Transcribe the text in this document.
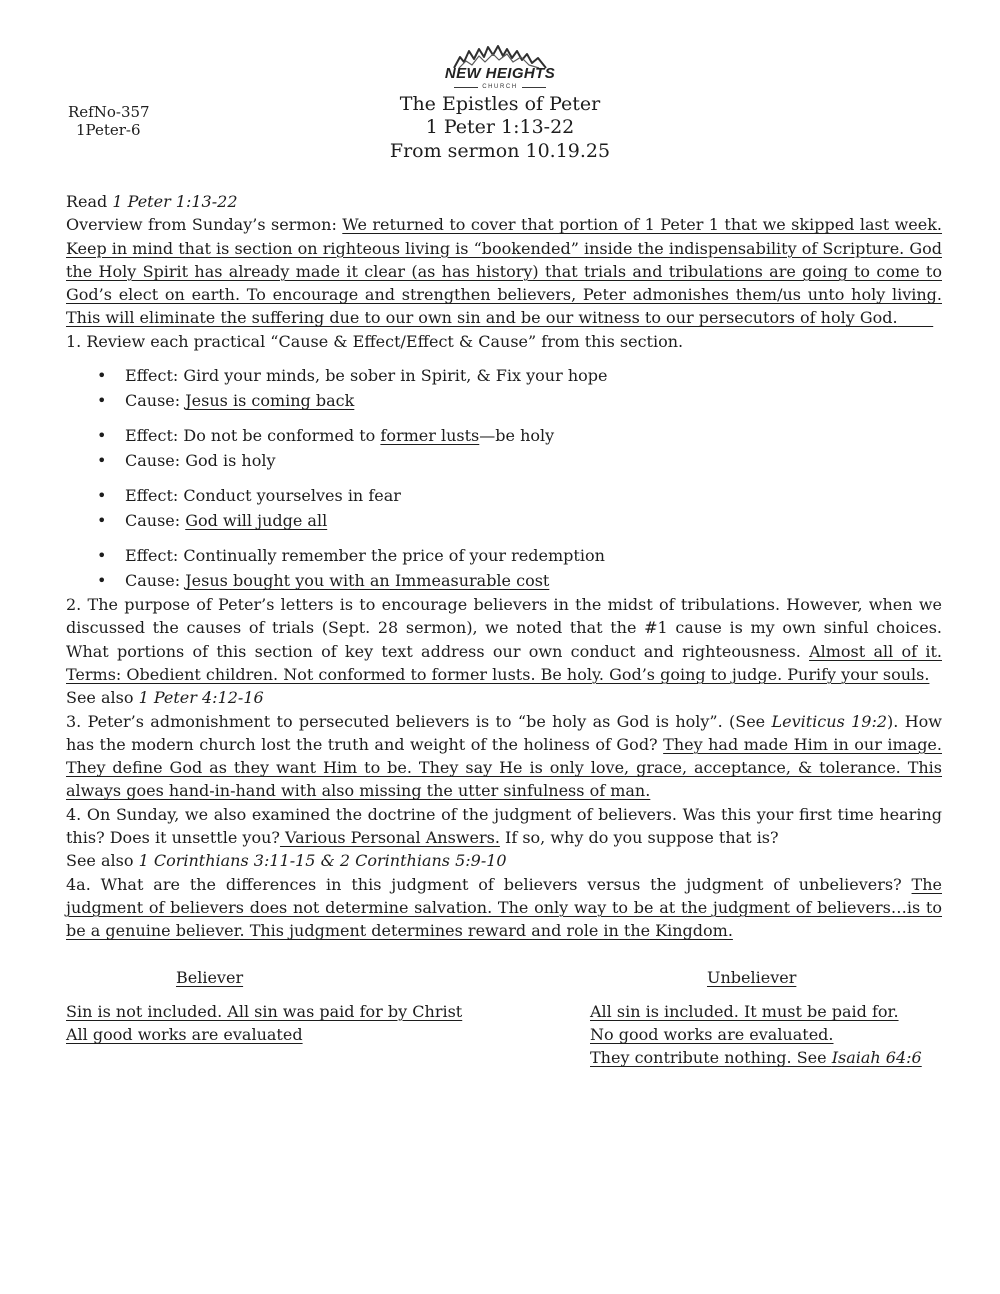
NEW HEIGHTS
CHURCH
RefNo-357
1Peter-6
The Epistles of Peter
1 Peter 1:13-22
From sermon 10.19.25

Read 1 Peter 1:13-22

Overview from Sunday’s sermon: We returned to cover that portion of 1 Peter 1 that we skipped last week. Keep in mind that is section on righteous living is “bookended” inside the indispensability of Scripture. God the Holy Spirit has already made it clear (as has history) that trials and tribulations are going to come to God’s elect on earth. To encourage and strengthen believers, Peter admonishes them/us unto holy living. This will eliminate the suffering due to our own sin and be our witness to our persecutors of holy God.

1. Review each practical “Cause & Effect/Effect & Cause” from this section.

• Effect: Gird your minds, be sober in Spirit, & Fix your hope
• Cause: Jesus is coming back
• Effect: Do not be conformed to former lusts—be holy
• Cause: God is holy
• Effect: Conduct yourselves in fear
• Cause: God will judge all
• Effect: Continually remember the price of your redemption
• Cause: Jesus bought you with an Immeasurable cost

2. The purpose of Peter’s letters is to encourage believers in the midst of tribulations. However, when we discussed the causes of trials (Sept. 28 sermon), we noted that the #1 cause is my own sinful choices. What portions of this section of key text address our own conduct and righteousness. Almost all of it. Terms: Obedient children. Not conformed to former lusts. Be holy. God’s going to judge. Purify your souls.

See also 1 Peter 4:12-16

3. Peter’s admonishment to persecuted believers is to “be holy as God is holy”. (See Leviticus 19:2). How has the modern church lost the truth and weight of the holiness of God? They had made Him in our image. They define God as they want Him to be. They say He is only love, grace, acceptance, & tolerance. This always goes hand-in-hand with also missing the utter sinfulness of man.

4. On Sunday, we also examined the doctrine of the judgment of believers. Was this your first time hearing this? Does it unsettle you? Various Personal Answers. If so, why do you suppose that is?

See also 1 Corinthians 3:11-15 & 2 Corinthians 5:9-10

4a. What are the differences in this judgment of believers versus the judgment of unbelievers? The judgment of believers does not determine salvation. The only way to be at the judgment of believers…is to be a genuine believer. This judgment determines reward and role in the Kingdom.

Believer
Sin is not included. All sin was paid for by Christ
All good works are evaluated
Unbeliever
All sin is included. It must be paid for.
No good works are evaluated.
They contribute nothing. See Isaiah 64:6
